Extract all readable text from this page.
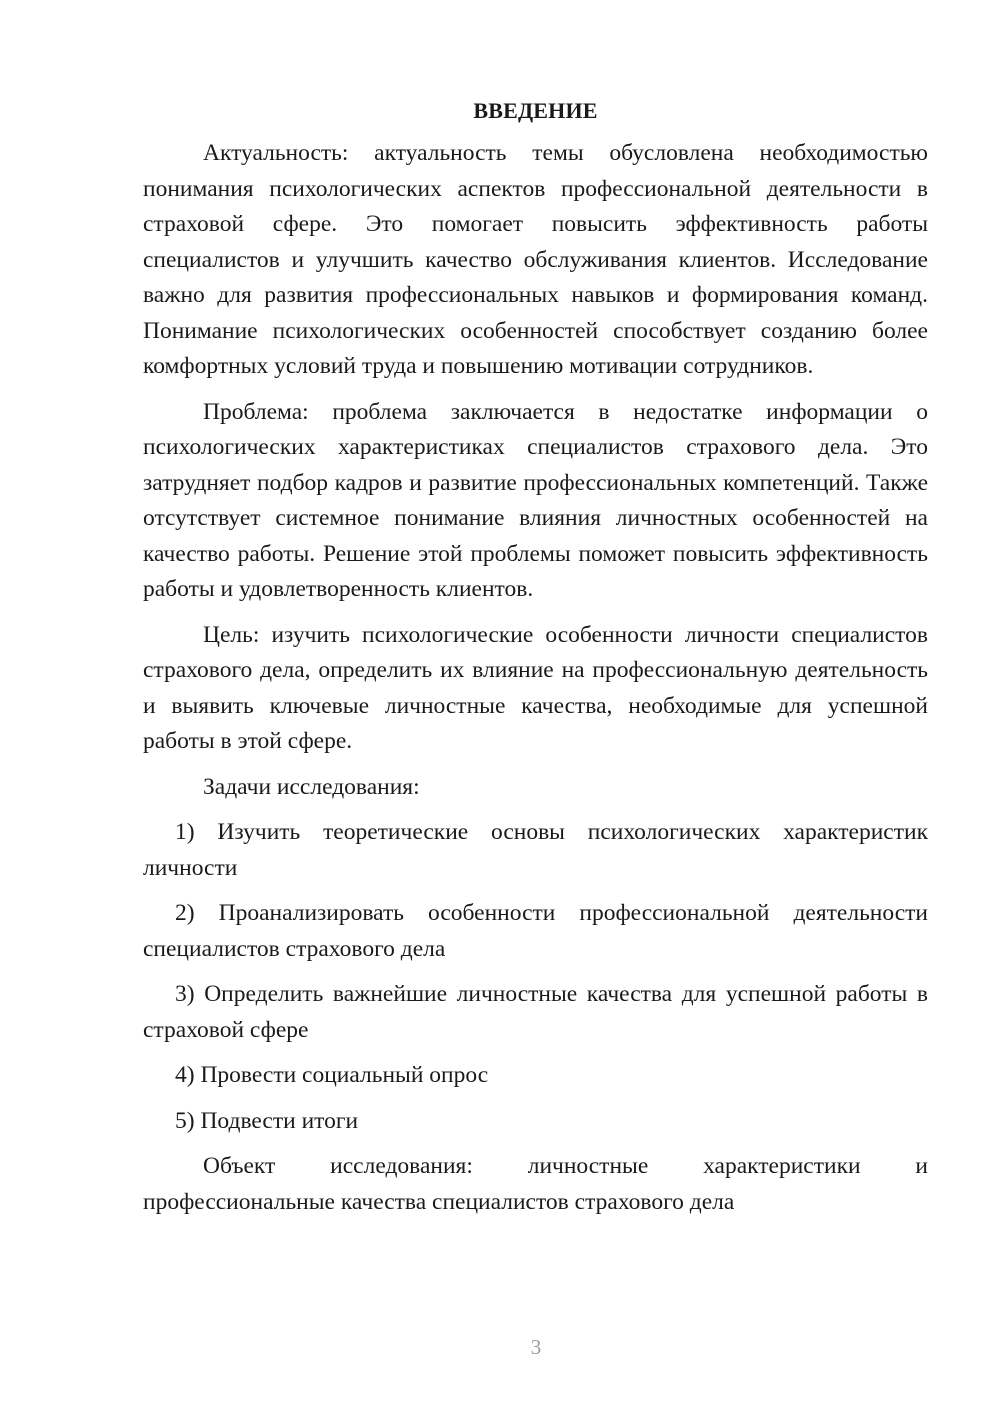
ВВЕДЕНИЕ

Актуальность: актуальность темы обусловлена необходимостью понимания психологических аспектов профессиональной деятельности в страховой сфере. Это помогает повысить эффективность работы специалистов и улучшить качество обслуживания клиентов. Исследование важно для развития профессиональных навыков и формирования команд. Понимание психологических особенностей способствует созданию более комфортных условий труда и повышению мотивации сотрудников.

Проблема: проблема заключается в недостатке информации о психологических характеристиках специалистов страхового дела. Это затрудняет подбор кадров и развитие профессиональных компетенций. Также отсутствует системное понимание влияния личностных особенностей на качество работы. Решение этой проблемы поможет повысить эффективность работы и удовлетворенность клиентов.

Цель: изучить психологические особенности личности специалистов страхового дела, определить их влияние на профессиональную деятельность и выявить ключевые личностные качества, необходимые для успешной работы в этой сфере.

Задачи исследования:

1) Изучить теоретические основы психологических характеристик личности

2) Проанализировать особенности профессиональной деятельности специалистов страхового дела

3) Определить важнейшие личностные качества для успешной работы в страховой сфере

4) Провести социальный опрос

5) Подвести итоги

Объект исследования: личностные характеристики и профессиональные качества специалистов страхового дела

3
